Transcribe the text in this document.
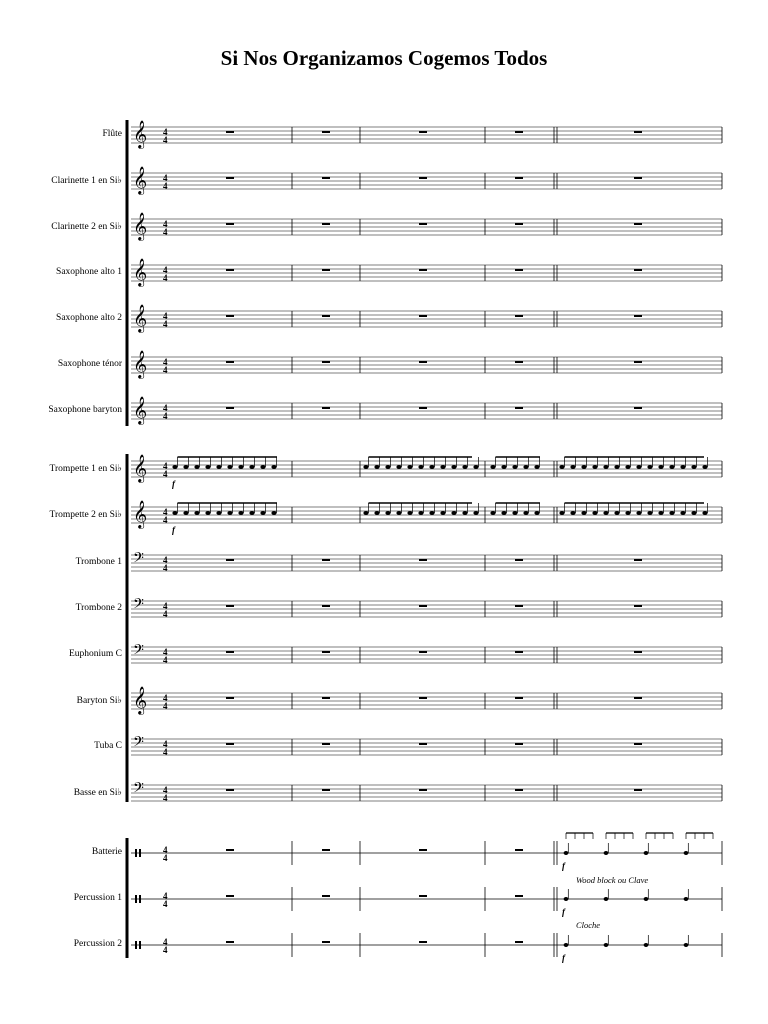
Si Nos Organizamos Cogemos Todos
𝄞 4
4
𝄞 4
4
𝄞 4
4
𝄞 4
4
𝄞 4
4
𝄞 4
4
𝄞 4
4
𝄞 4
4
f
𝄞 4
4
f
𝄢 4
4
𝄢 4
4
𝄢 4
4
𝄞 4
4
𝄢 4
4
𝄢 4
4
4
4
f
4
4
f
4
4
f
Flûte
Clarinette 1 en Si♭
Clarinette 2 en Si♭
Saxophone alto 1
Saxophone alto 2
Saxophone ténor
Saxophone baryton
Trompette 1 en Si♭
Trompette 2 en Si♭
Trombone 1
Trombone 2
Euphonium C
Baryton Si♭
Tuba C
Basse en Si♭
Batterie
Percussion 1
Percussion 2
Wood block ou Clave
Cloche
